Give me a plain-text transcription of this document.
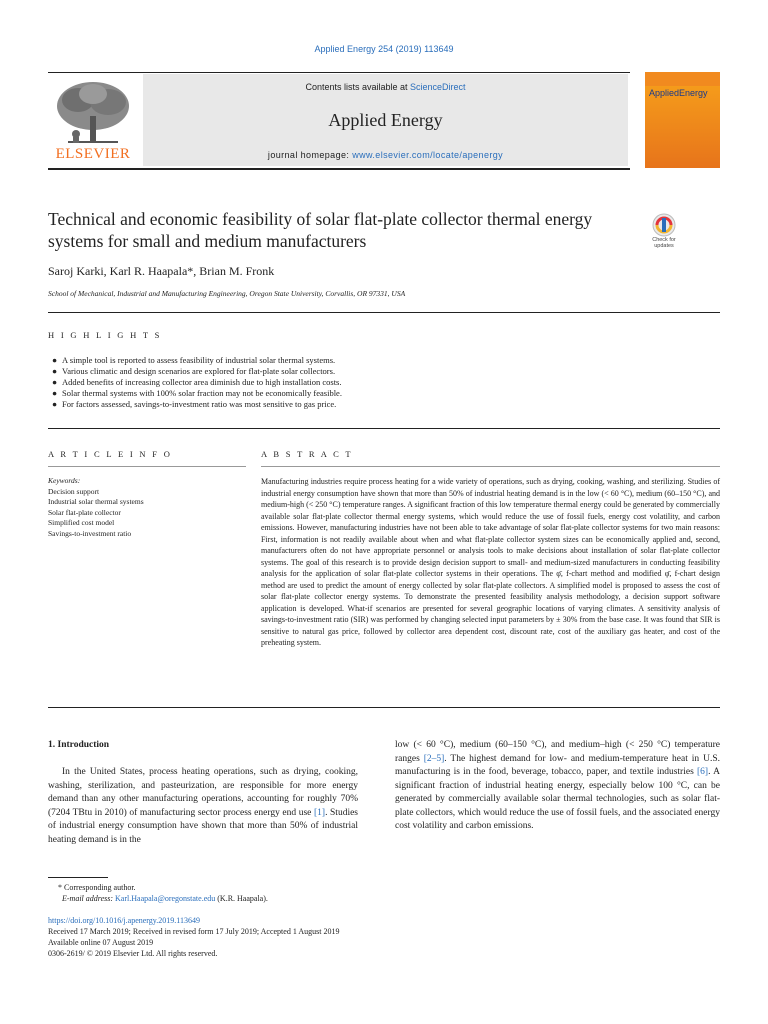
Applied Energy 254 (2019) 113649
ELSEVIER
Contents lists available at ScienceDirect
Applied Energy
journal homepage: www.elsevier.com/locate/apenergy
AppliedEnergy
Technical and economic feasibility of solar flat-plate collector thermal energy systems for small and medium manufacturers	Check for
updates
Saroj Karki, Karl R. Haapala*, Brian M. Fronk
School of Mechanical, Industrial and Manufacturing Engineering, Oregon State University, Corvallis, OR 97331, USA
H I G H L I G H T S
● A simple tool is reported to assess feasibility of industrial solar thermal systems.
● Various climatic and design scenarios are explored for flat-plate solar collectors.
● Added benefits of increasing collector area diminish due to high installation costs.
● Solar thermal systems with 100% solar fraction may not be economically feasible.
● For factors assessed, savings-to-investment ratio was most sensitive to gas price.
A R T I C L E I N F O	A B S T R A C T
Keywords:
Decision support
Industrial solar thermal systems
Solar flat-plate collector
Simplified cost model
Savings-to-investment ratio
Manufacturing industries require process heating for a wide variety of operations, such as drying, cooking, washing, and sterilizing. Studies of industrial energy consumption have shown that more than 50% of industrial heating demand is in the low (< 60 °C), medium (60–150 °C), and medium-high (< 250 °C) temperature ranges. A significant fraction of this low temperature thermal energy could be generated by commercially available solar flat-plate collector thermal energy systems, which would reduce the use of fossil fuels, energy cost volatility, and carbon emissions. However, manufacturing industries have not been able to take advantage of solar flat-plate collector systems for two main reasons: First, information is not readily available about when and what flat-plate collector system sizes can be economically applied and, second, manufacturers often do not have appropriate personnel or analysis tools to make decisions about installation of solar flat-plate collector systems. The goal of this research is to provide design decision support to small- and medium-sized manufacturers in conducting feasibility analysis for the application of solar flat-plate collector systems in their operations. The φ̄, f-chart method and modified φ̄, f-chart design method are used to predict the amount of energy collected by solar flat-plate collectors. A simplified model is proposed to assess the cost of solar flat-plate collector energy systems. To demonstrate the presented feasibility analysis methodology, a decision support software application is developed. What-if scenarios are presented for several geographic locations of varying climates. A sensitivity analysis of savings-to-investment ratio (SIR) was performed by changing selected input parameters by ± 30% from the base case. It was found that SIR is sensitive to natural gas price, followed by collector area dependent cost, discount rate, cost of the auxiliary gas heater, and cost of the preheating system.
1. Introduction
In the United States, process heating operations, such as drying, cooking, washing, sterilization, and pasteurization, are responsible for more energy demand than any other manufacturing operations, accounting for roughly 70% (7204 TBtu in 2010) of manufacturing sector process energy end use [1]. Studies of industrial energy consumption have shown that more than 50% of industrial heating demand is in the
low (< 60 °C), medium (60–150 °C), and medium–high (< 250 °C) temperature ranges [2–5]. The highest demand for low- and medium-temperature heat in U.S. manufacturing is in the food, beverage, tobacco, paper, and textile industries [6]. A significant fraction of industrial heating energy, especially below 100 °C, can be generated by commercially available solar thermal technologies, such as solar flat-plate collectors, which would reduce the use of fossil fuels, and the associated energy cost volatility and carbon emissions.
* Corresponding author.
E-mail address: Karl.Haapala@oregonstate.edu (K.R. Haapala).
https://doi.org/10.1016/j.apenergy.2019.113649
Received 17 March 2019; Received in revised form 17 July 2019; Accepted 1 August 2019
Available online 07 August 2019
0306-2619/ © 2019 Elsevier Ltd. All rights reserved.
